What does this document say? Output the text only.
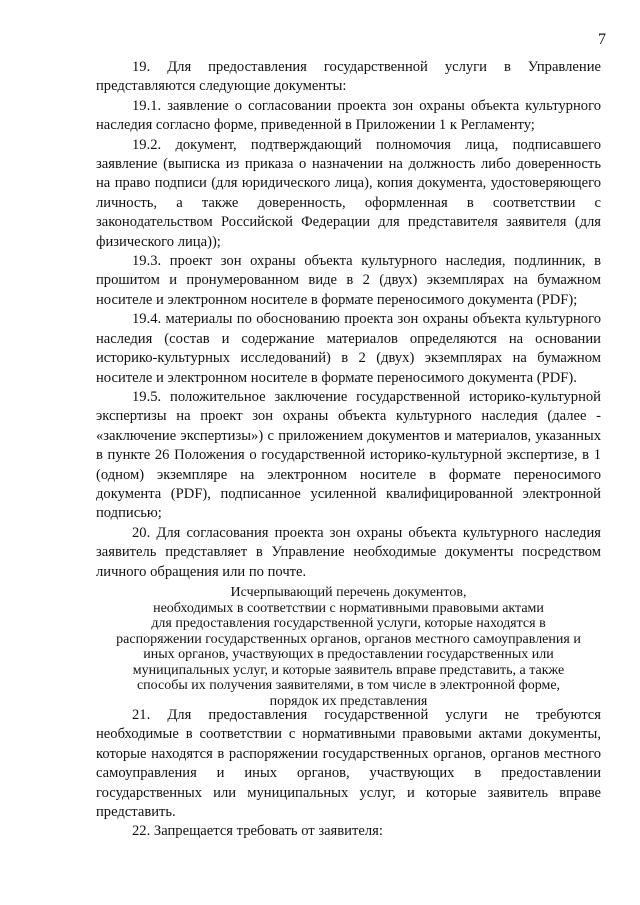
7

19. Для предоставления государственной услуги в Управление представляются следующие документы:

19.1. заявление о согласовании проекта зон охраны объекта культурного наследия согласно форме, приведенной в Приложении 1 к Регламенту;

19.2. документ, подтверждающий полномочия лица, подписавшего заявление (выписка из приказа о назначении на должность либо доверенность на право подписи (для юридического лица), копия документа, удостоверяющего личность, а также доверенность, оформленная в соответствии с законодательством Российской Федерации для представителя заявителя (для физического лица));

19.3. проект зон охраны объекта культурного наследия, подлинник, в прошитом и пронумерованном виде в 2 (двух) экземплярах на бумажном носителе и электронном носителе в формате переносимого документа (PDF);

19.4. материалы по обоснованию проекта зон охраны объекта культурного наследия (состав и содержание материалов определяются на основании историко-культурных исследований) в 2 (двух) экземплярах на бумажном носителе и электронном носителе в формате переносимого документа (PDF).

19.5. положительное заключение государственной историко-культурной экспертизы на проект зон охраны объекта культурного наследия (далее - «заключение экспертизы») с приложением документов и материалов, указанных в пункте 26 Положения о государственной историко-культурной экспертизе, в 1 (одном) экземпляре на электронном носителе в формате переносимого документа (PDF), подписанное усиленной квалифицированной электронной подписью;

20. Для согласования проекта зон охраны объекта культурного наследия заявитель представляет в Управление необходимые документы посредством личного обращения или по почте.

Исчерпывающий перечень документов,
необходимых в соответствии с нормативными правовыми актами
для предоставления государственной услуги, которые находятся в
распоряжении государственных органов, органов местного самоуправления и
иных органов, участвующих в предоставлении государственных или
муниципальных услуг, и которые заявитель вправе представить, а также
способы их получения заявителями, в том числе в электронной форме,
порядок их представления

21. Для предоставления государственной услуги не требуются необходимые в соответствии с нормативными правовыми актами документы, которые находятся в распоряжении государственных органов, органов местного самоуправления и иных органов, участвующих в предоставлении государственных или муниципальных услуг, и которые заявитель вправе представить.

22. Запрещается требовать от заявителя:
